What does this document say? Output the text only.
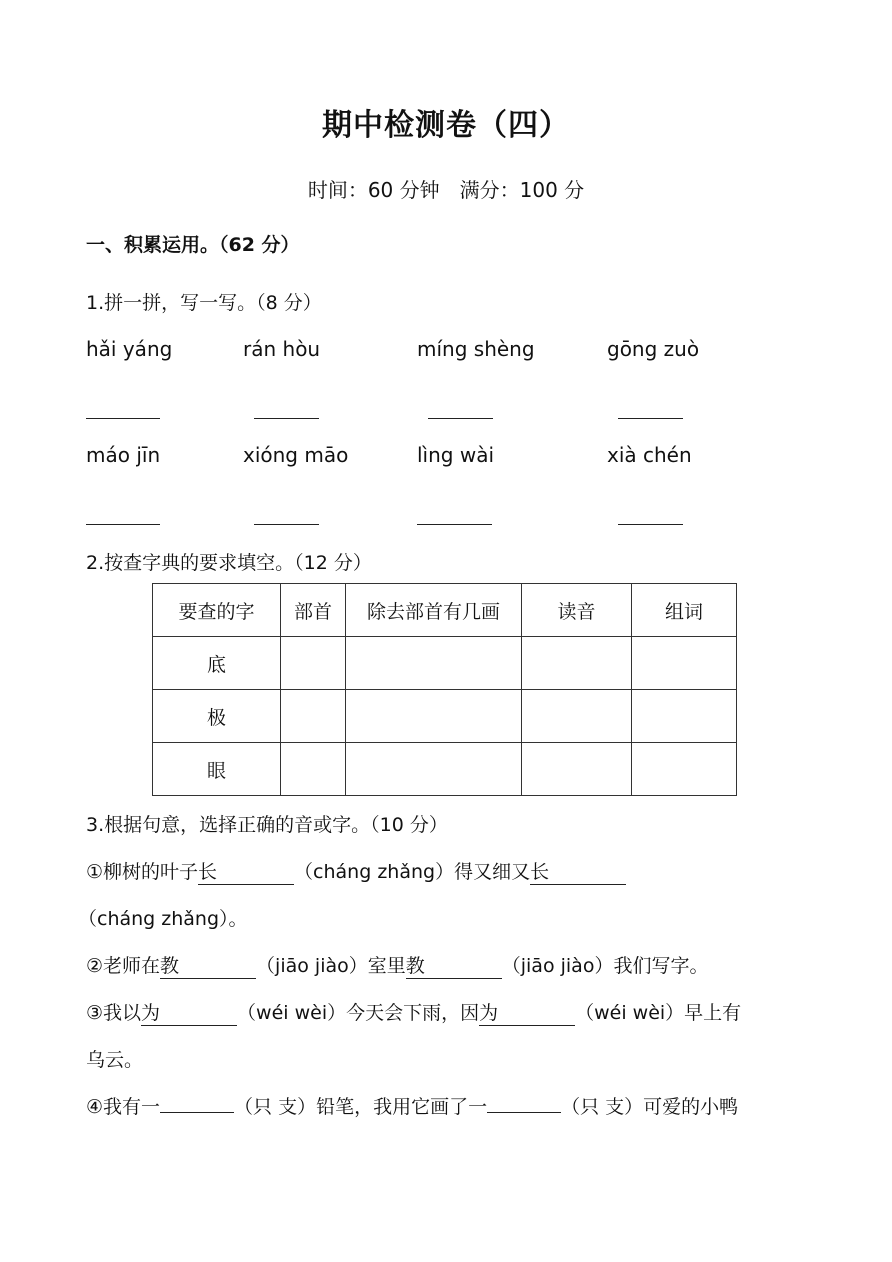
期中检测卷（四）
时间：60 分钟　满分：100 分
一、积累运用。（62 分）
1.拼一拼，写一写。（8 分）
hǎi yáng	rán hòu	míng shèng	gōng zuò
máo jīn	xióng māo	lìng wài	xià chén
2.按查字典的要求填空。（12 分）
要查的字	部首	除去部首有几画	读音	组词
底				
极				
眼				
3.根据句意，选择正确的音或字。（10 分）
①柳树的叶子长	（cháng zhǎng）得又细又长
（cháng zhǎng）。
②老师在教	（jiāo jiào）室里教	（jiāo jiào）我们写字。
③我以为	（wéi wèi）今天会下雨，因为	（wéi wèi）早上有
乌云。
④我有一	（只 支）铅笔，我用它画了一	（只 支）可爱的小鸭
